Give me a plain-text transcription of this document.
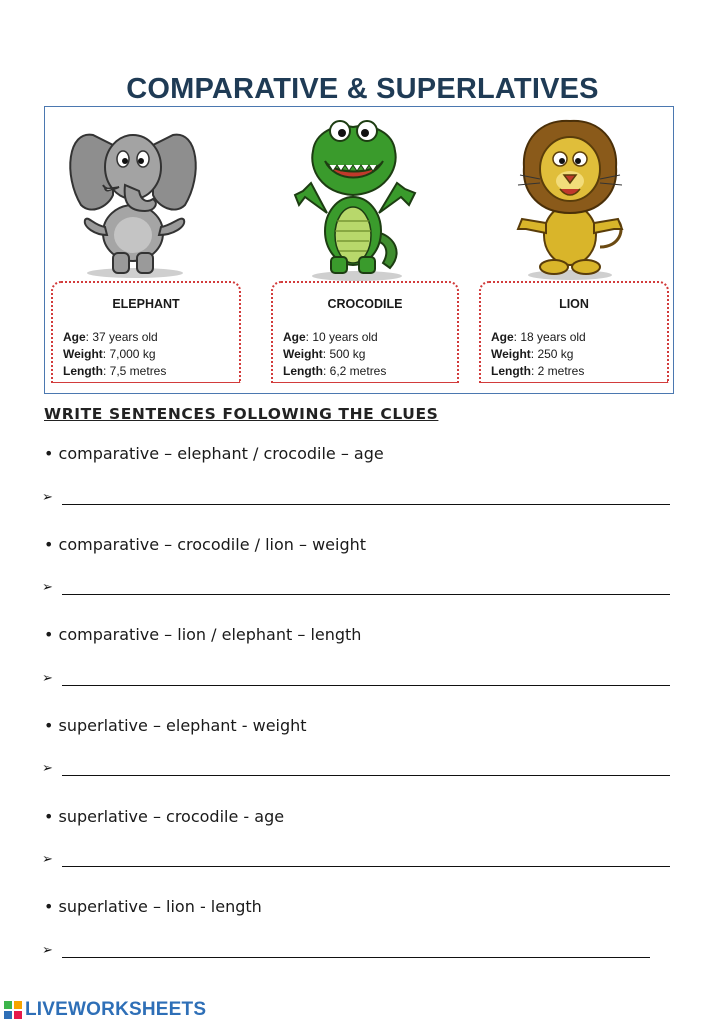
COMPARATIVE & SUPERLATIVES
ELEPHANT
Age: 37 years old
Weight: 7,000 kg
Length: 7,5 metres
CROCODILE
Age: 10 years old
Weight: 500 kg
Length: 6,2 metres
LION
Age: 18 years old
Weight: 250 kg
Length: 2 metres
WRITE SENTENCES FOLLOWING THE CLUES
• comparative – elephant / crocodile – age
➢
• comparative – crocodile / lion – weight
➢
• comparative – lion / elephant – length
➢
• superlative – elephant - weight
➢
• superlative – crocodile - age
➢
• superlative – lion - length
➢
LIVEWORKSHEETS
